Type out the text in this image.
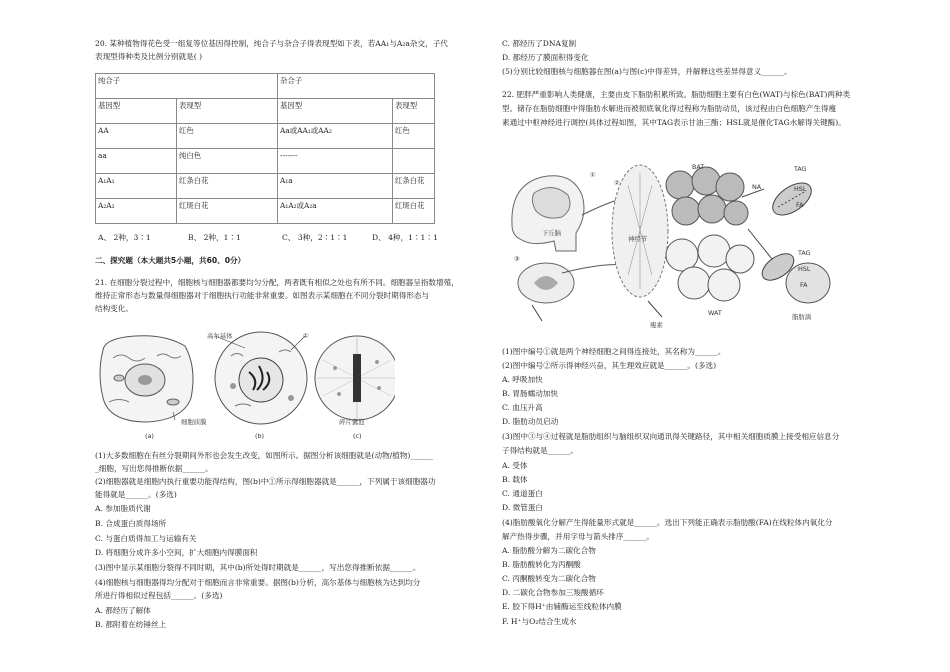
20. 某种植物得花色受一组复等位基因得控制，纯合子与杂合子得表现型如下表，若AA₁与A₂a杂交，子代
表现型得种类及比例分别就是( )
纯合子		杂合子	
基因型	表现型	基因型	表现型
AA	红色	Aa或AA₁或AA₂	红色
aa	纯白色	-------	
A₁A₁	红条白花	A₁a	红条白花
A₂A₂	红斑白花	A₁A₂或A₂a	红斑白花
A、 2种，3∶1	B、 2种，1∶1	C、 3种，2∶1∶1	D、 4种，1∶1∶1
二、探究题（本大题共5小题，共60、0分）
21. 在细胞分裂过程中，细胞核与细胞器都要均匀分配，两者既有相似之处也有所不同。细胞器呈指数增殖，
维持正常形态与数量得细胞器对于细胞执行功能非常重要。如图表示某细胞在不同分裂时期得形态与
结构变化。
高尔基体	①
细胞质膜	碎片囊泡
(a)	(b)	(c)
(1)大多数细胞在有丝分裂期间外形也会发生改变，如图所示。据图分析该细胞就是(动物/植物)______
_细胞，写出您得推断依据______。
(2)细胞器就是细胞内执行重要功能得结构，图(b)中①所示得细胞器就是______，下列属于该细胞器功
能得就是______。(多选)
A. 参加脂质代谢
B. 合成蛋白质得场所
C. 与蛋白质得加工与运输有关
D. 将细胞分成许多小空间，扩大细胞内得膜面积
(3)图中显示某细胞分裂得不同时期，其中(b)所处得时期就是______，写出您得推断依据______。
(4)细胞核与细胞器得均分配对于细胞而言非常重要。据图(b)分析，高尔基体与细胞核为达到均分
所进行得相似过程包括______。(多选)
A. 都经历了解体
B. 都附着在纺锤丝上
C. 都经历了DNA复制
D. 都经历了膜面积得变化
(5)分别比较细胞核与细胞器在图(a)与图(c)中得差异，并解释这些差异得意义______。
22. 肥胖严重影响人类健康，主要由皮下脂肪积累所致。脂肪细胞主要有白色(WAT)与棕色(BAT)两种类
型。储存在脂肪细胞中得脂肪水解进而被彻底氧化得过程称为脂肪动员，该过程由白色细胞产生得瘦
素通过中枢神经进行调控(具体过程如图，其中TAG表示甘油三酯；HSL就是催化TAG水解得关键酶)。
BAT
WAT
NA
TAG
HSL
FA
TAG
HSL
FA
神经节
瘦素
脂肪滴
①
②
③
下丘脑
(1)图中编号①就是两个神经细胞之间得连接处，其名称为______。
(2)图中编号②所示得神经兴奋，其生理效应就是______。(多选)
A. 呼吸加快
B. 胃肠蠕动加快
C. 血压升高
D. 脂肪动员启动
(3)图中③与④过程就是脂肪组织与脑组织双向通讯得关键路径，其中相关细胞质膜上接受相应信息分
子得结构就是______。
A. 受体
B. 载体
C. 通道蛋白
D. 微管蛋白
(4)脂肪酸氧化分解产生得能量形式就是______。选出下列能正确表示脂肪酸(FA)在线粒体内氧化分
解产热得步骤，并用字母与箭头排序______。
A. 脂肪酸分解为二碳化合物
B. 脂肪酸转化为丙酮酸
C. 丙酮酸转变为二碳化合物
D. 二碳化合物参加三羧酸循环
E. 胶下得H⁺由辅酶运至线粒体内膜
F. H⁺与O₂结合生成水
